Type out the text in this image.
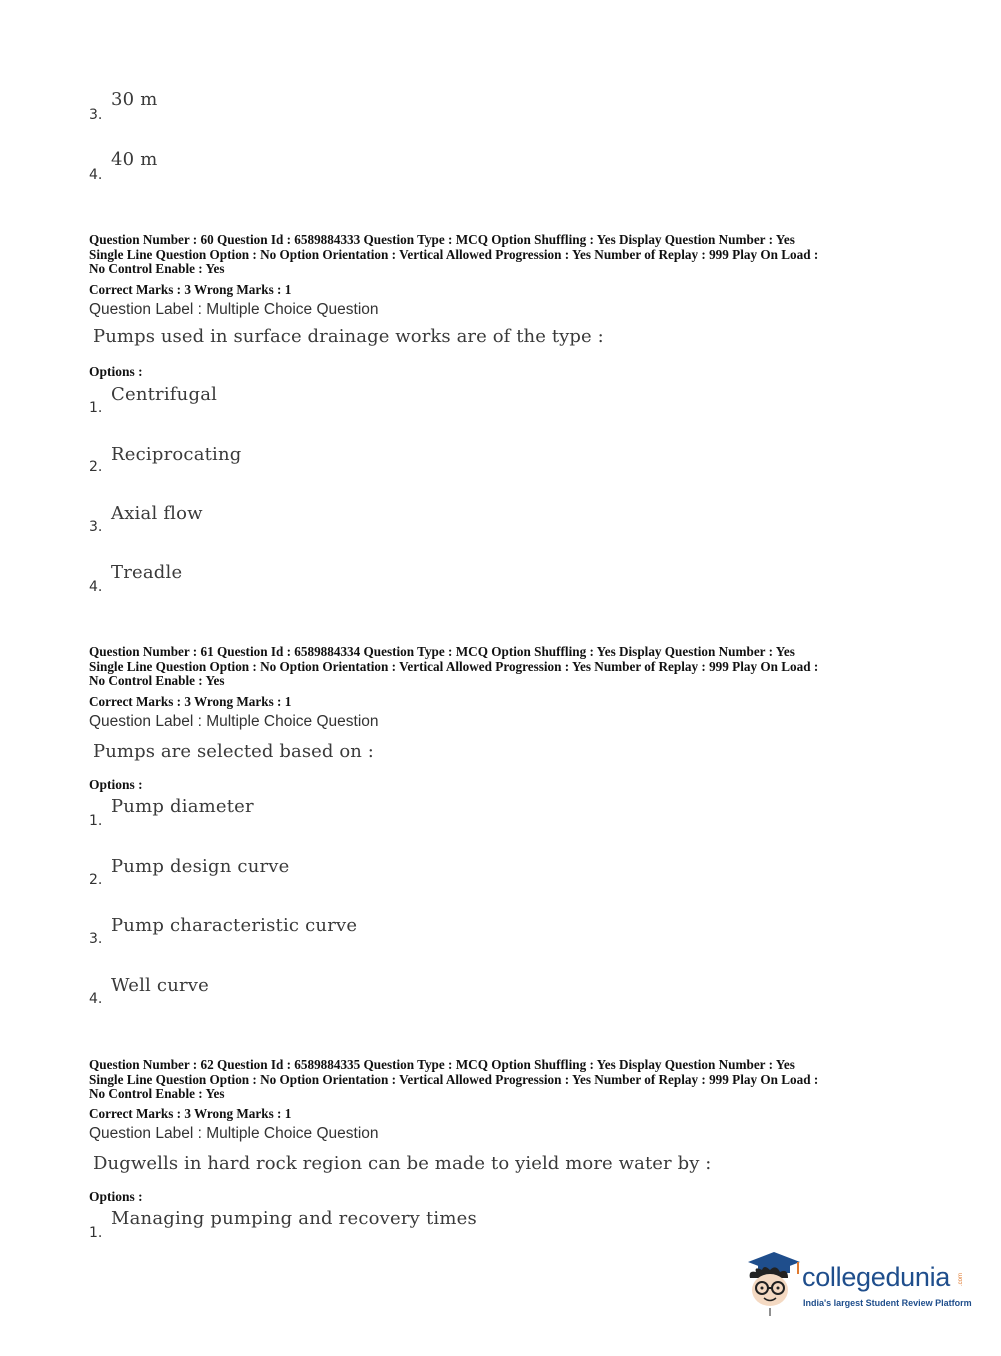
3.
30 m
4.
40 m
Question Number : 60 Question Id : 6589884333 Question Type : MCQ Option Shuffling : Yes Display Question Number : Yes
Single Line Question Option : No Option Orientation : Vertical Allowed Progression : Yes Number of Replay : 999 Play On Load :
No Control Enable : Yes
Correct Marks : 3 Wrong Marks : 1
Question Label : Multiple Choice Question
Pumps used in surface drainage works are of the type :
Options :
1.
Centrifugal
2.
Reciprocating
3.
Axial flow
4.
Treadle
Question Number : 61 Question Id : 6589884334 Question Type : MCQ Option Shuffling : Yes Display Question Number : Yes
Single Line Question Option : No Option Orientation : Vertical Allowed Progression : Yes Number of Replay : 999 Play On Load :
No Control Enable : Yes
Correct Marks : 3 Wrong Marks : 1
Question Label : Multiple Choice Question
Pumps are selected based on :
Options :
1.
Pump diameter
2.
Pump design curve
3.
Pump characteristic curve
4.
Well curve
Question Number : 62 Question Id : 6589884335 Question Type : MCQ Option Shuffling : Yes Display Question Number : Yes
Single Line Question Option : No Option Orientation : Vertical Allowed Progression : Yes Number of Replay : 999 Play On Load :
No Control Enable : Yes
Correct Marks : 3 Wrong Marks : 1
Question Label : Multiple Choice Question
Dugwells in hard rock region can be made to yield more water by :
Options :
1.
Managing pumping and recovery times
collegedunia .com
India's largest Student Review Platform
